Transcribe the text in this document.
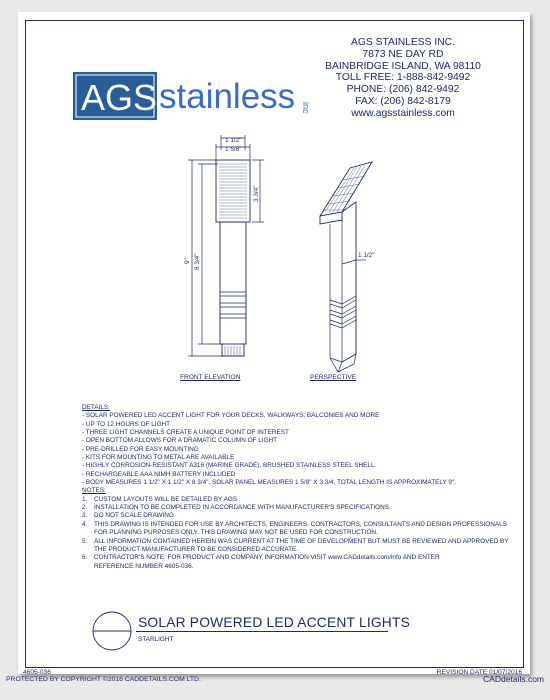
AGS stainless inc
AGS STAINLESS INC.
7873 NE DAY RD
BAINBRIDGE ISLAND, WA 98110
TOLL FREE: 1-888-842-9492
PHONE: (206) 842-9492
FAX: (206) 842-8179
www.agsstainless.com
1 1/2"
1 5/8"
9" 8 3/4"
3 3/4"
1 1/2"
FRONT ELEVATION	PERSPECTIVE
DETAILS:
- SOLAR POWERED LED ACCENT LIGHT FOR YOUR DECKS, WALKWAYS, BALCONIES AND MORE
- UP TO 12 HOURS OF LIGHT
- THREE LIGHT CHANNELS CREATE A UNIQUE POINT OF INTEREST
- OPEN BOTTOM ALLOWS FOR A DRAMATIC COLUMN OF LIGHT
- PRE-DRILLED FOR EASY MOUNTING
- KITS FOR MOUNTING TO METAL ARE AVAILABLE
- HIGHLY CORROSION-RESISTANT A316 (MARINE GRADE), BRUSHED STAINLESS STEEL SHELL
- RECHARGEABLE AAA NIMH BATTERY INCLUDED
- BODY MEASURES 1 1/2" X 1 1/2" X 8 3/4", SOLAR PANEL MEASURES 1 5/8" X 3 3/4, TOTAL LENGTH IS APPROXIMATELY 9".
NOTES:
1.	CUSTOM LAYOUTS WILL BE DETAILED BY AGS
2.	INSTALLATION TO BE COMPLETED IN ACCORDANCE WITH MANUFACTURER'S SPECIFICATIONS.
3.	DO NOT SCALE DRAWING
4.	THIS DRAWING IS INTENDED FOR USE BY ARCHITECTS, ENGINEERS, CONTRACTORS, CONSULTANTS AND DESIGN PROFESSIONALS
FOR PLANNING PURPOSES ONLY. THIS DRAWING MAY NOT BE USED FOR CONSTRUCTION.
5.	ALL INFORMATION CONTAINED HEREIN WAS CURRENT AT THE TIME OF DEVELOPMENT BUT MUST BE REVIEWED AND APPROVED BY
THE PRODUCT MANUFACTURER TO BE CONSIDERED ACCURATE.
6.	CONTRACTOR'S NOTE: FOR PRODUCT AND COMPANY INFORMATION VISIT www.CADdetails.com/info AND ENTER
REFERENCE NUMBER 4605-036.
SOLAR POWERED LED ACCENT LIGHTS
STARLIGHT
4605-036	REVISION DATE 01/07/2016
PROTECTED BY COPYRIGHT ©2016 CADDETAILS.COM LTD.	CADdetails.com
